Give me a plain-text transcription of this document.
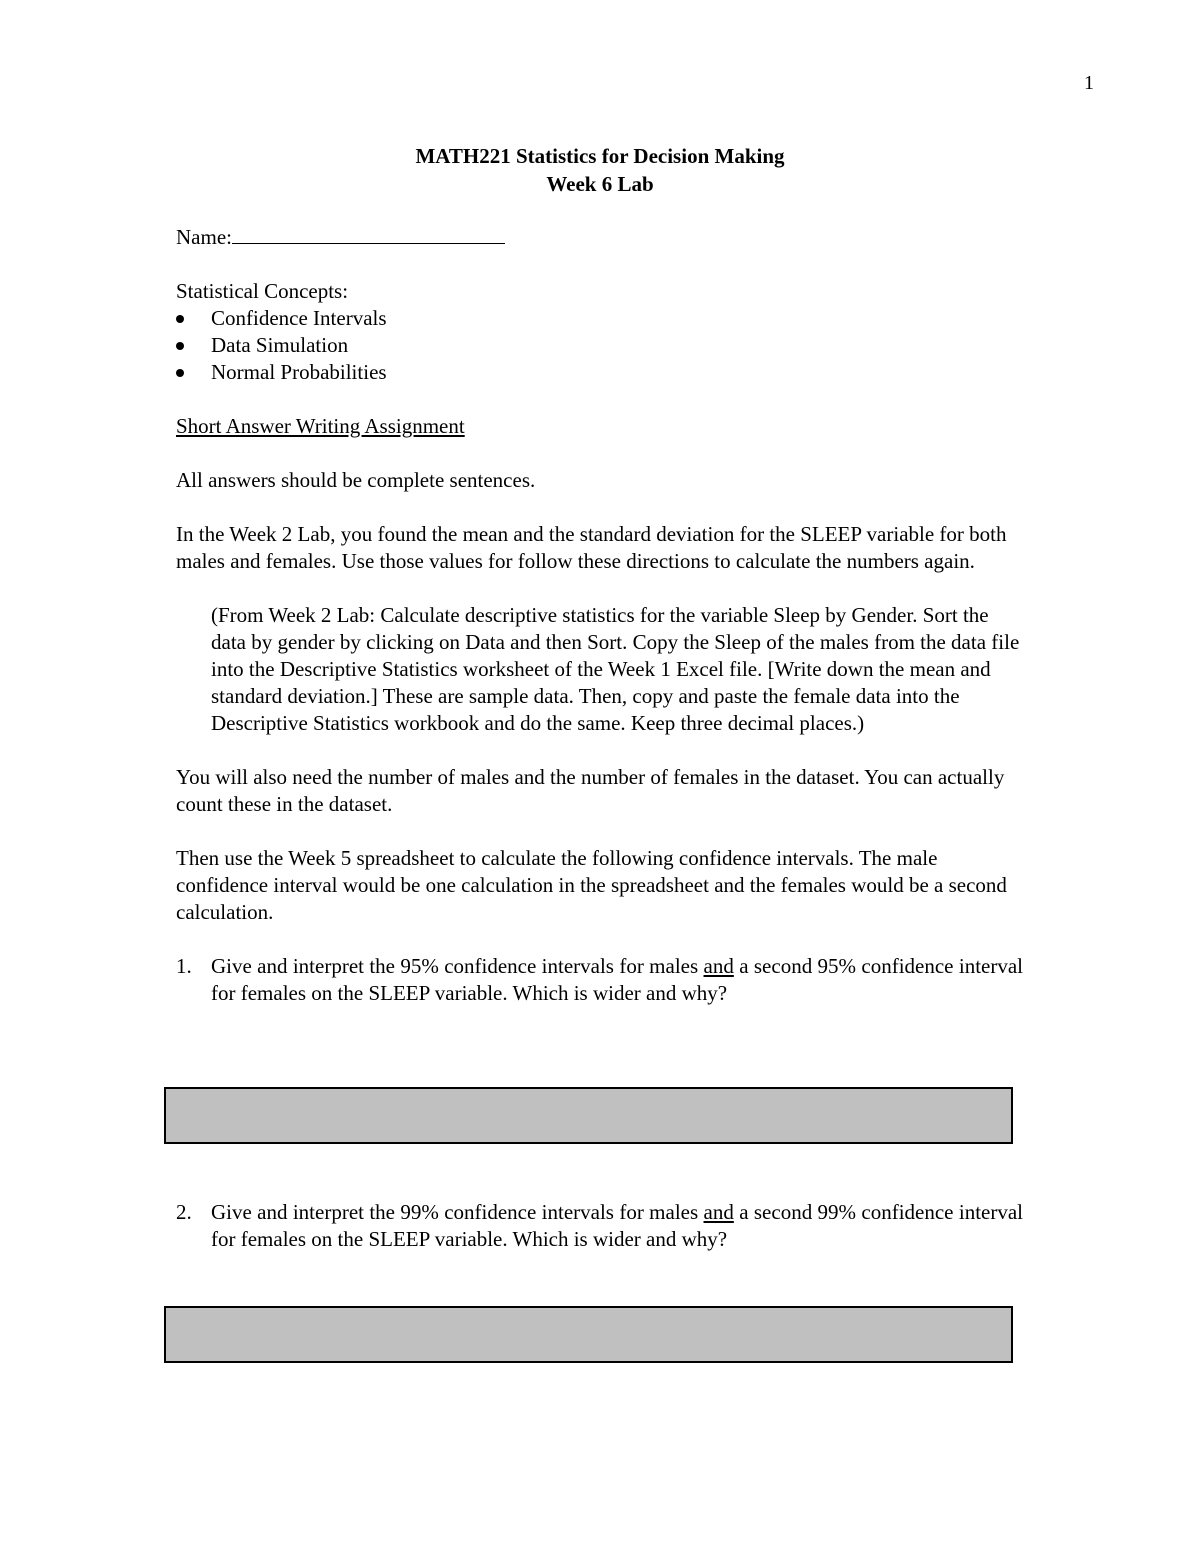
1
MATH221 Statistics for Decision Making
Week 6 Lab

Name:

Statistical Concepts:

Confidence Intervals
Data Simulation
Normal Probabilities

Short Answer Writing Assignment

All answers should be complete sentences.

In the Week 2 Lab, you found the mean and the standard deviation for the SLEEP variable for both males and females. Use those values for follow these directions to calculate the numbers again.

(From Week 2 Lab: Calculate descriptive statistics for the variable Sleep by Gender. Sort the data by gender by clicking on Data and then Sort. Copy the Sleep of the males from the data file into the Descriptive Statistics worksheet of the Week 1 Excel file. [Write down the mean and standard deviation.] These are sample data. Then, copy and paste the female data into the Descriptive Statistics workbook and do the same. Keep three decimal places.)

You will also need the number of males and the number of females in the dataset. You can actually count these in the dataset.

Then use the Week 5 spreadsheet to calculate the following confidence intervals. The male confidence interval would be one calculation in the spreadsheet and the females would be a second calculation.

1. Give and interpret the 95% confidence intervals for males and a second 95% confidence interval for females on the SLEEP variable. Which is wider and why?
2. Give and interpret the 99% confidence intervals for males and a second 99% confidence interval for females on the SLEEP variable. Which is wider and why?
